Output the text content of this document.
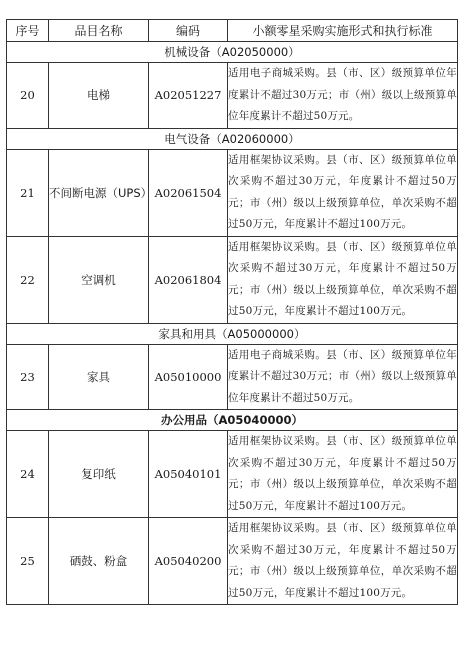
序号	品目名称	编码	小额零星采购实施形式和执行标准
机械设备（A02050000）			
20	电梯	A02051227	适用电子商城采购。县（市、区）级预算单位年度累计不超过30万元；市（州）级以上级预算单位年度累计不超过50万元。

电气设备（A02060000）			
21	不间断电源（UPS）	A02061504	适用框架协议采购。县（市、区）级预算单位单次采购不超过30万元，年度累计不超过50万元；市（州）级以上级预算单位，单次采购不超过50万元，年度累计不超过100万元。

22	空调机	A02061804	适用框架协议采购。县（市、区）级预算单位单次采购不超过30万元，年度累计不超过50万元；市（州）级以上级预算单位，单次采购不超过50万元，年度累计不超过100万元。

家具和用具（A05000000）			
23	家具	A05010000	适用电子商城采购。县（市、区）级预算单位年度累计不超过30万元；市（州）级以上级预算单位年度累计不超过50万元。

办公用品（A05040000）			
24	复印纸	A05040101	适用框架协议采购。县（市、区）级预算单位单次采购不超过30万元，年度累计不超过50万元；市（州）级以上级预算单位，单次采购不超过50万元，年度累计不超过100万元。

25	硒鼓、粉盒	A05040200	适用框架协议采购。县（市、区）级预算单位单次采购不超过30万元，年度累计不超过50万元；市（州）级以上级预算单位，单次采购不超过50万元，年度累计不超过100万元。
